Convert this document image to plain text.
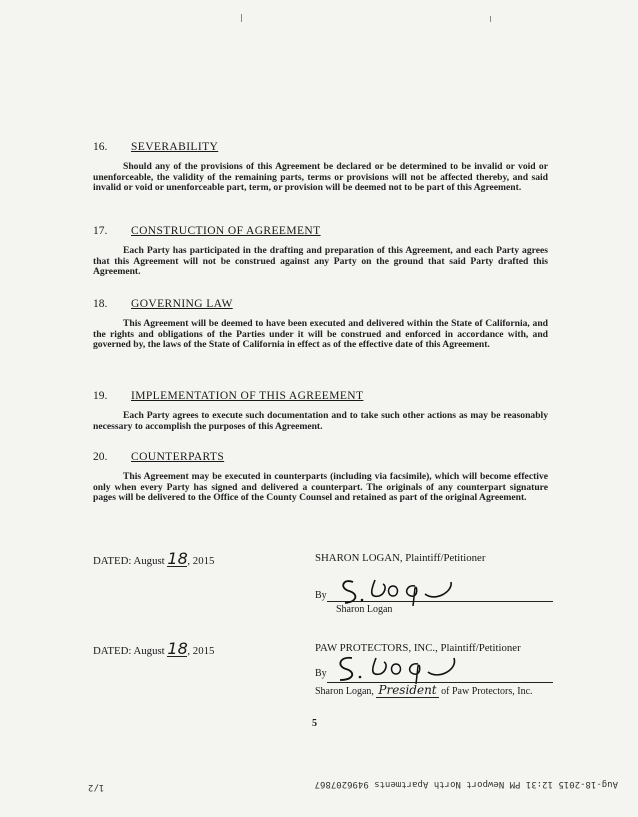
16. SEVERABILITY
Should any of the provisions of this Agreement be declared or be determined to be invalid or void or unenforceable, the validity of the remaining parts, terms or provisions will not be affected thereby, and said invalid or void or unenforceable part, term, or provision will be deemed not to be part of this Agreement.
17. CONSTRUCTION OF AGREEMENT
Each Party has participated in the drafting and preparation of this Agreement, and each Party agrees that this Agreement will not be construed against any Party on the ground that said Party drafted this Agreement.
18. GOVERNING LAW
This Agreement will be deemed to have been executed and delivered within the State of California, and the rights and obligations of the Parties under it will be construed and enforced in accordance with, and governed by, the laws of the State of California in effect as of the effective date of this Agreement.
19. IMPLEMENTATION OF THIS AGREEMENT
Each Party agrees to execute such documentation and to take such other actions as may be reasonably necessary to accomplish the purposes of this Agreement.
20. COUNTERPARTS
This Agreement may be executed in counterparts (including via facsimile), which will become effective only when every Party has signed and delivered a counterpart. The originals of any counterpart signature pages will be delivered to the Office of the County Counsel and retained as part of the original Agreement.
DATED: August 18, 2015	SHARON LOGAN, Plaintiff/Petitioner
By
Sharon Logan
DATED: August 18, 2015	PAW PROTECTORS, INC., Plaintiff/Petitioner
By
Sharon Logan, President of Paw Protectors, Inc.
5
Aug-18-2015 12:31 PM Newport North Apartments 9496207867
1/2
